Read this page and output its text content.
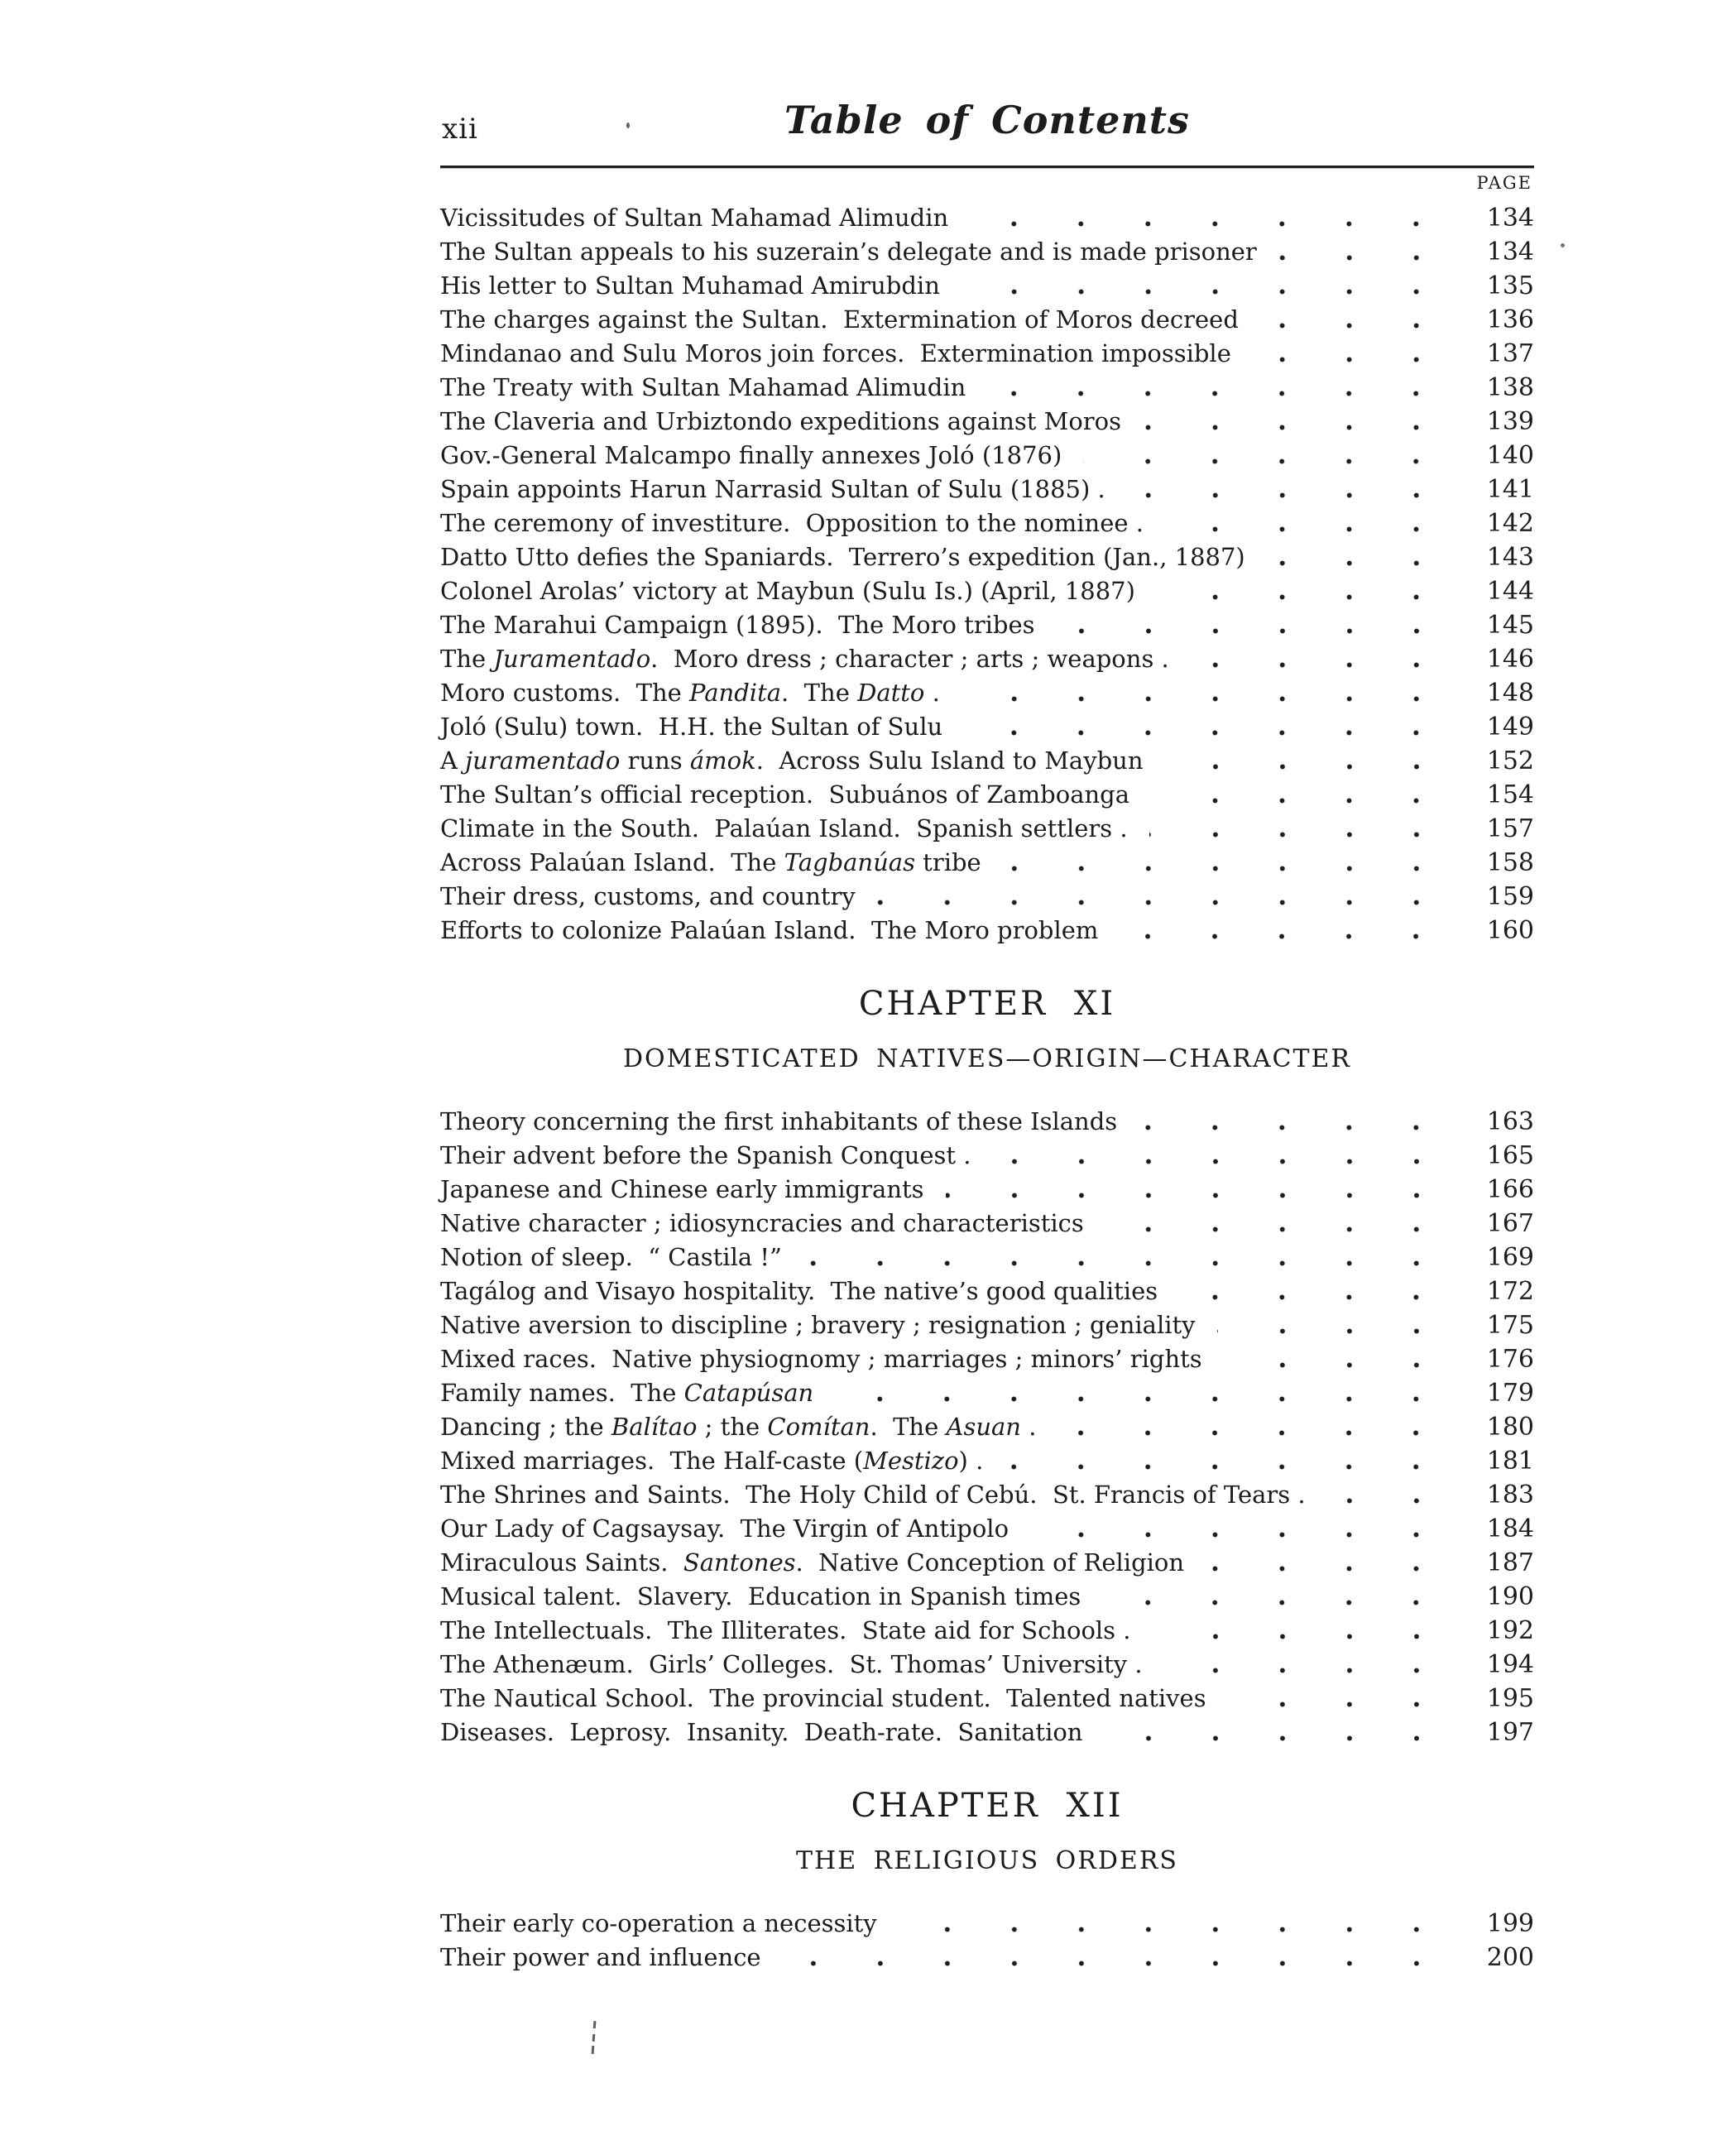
xii	Table of Contents
PAGE
Vicissitudes of Sultan Mahamad Alimudin	134
The Sultan appeals to his suzerain’s delegate and is made prisoner	134
His letter to Sultan Muhamad Amirubdin	135
The charges against the Sultan.  Extermination of Moros decreed	136
Mindanao and Sulu Moros join forces.  Extermination impossible	137
The Treaty with Sultan Mahamad Alimudin	138
The Claveria and Urbiztondo expeditions against Moros	139
Gov.-General Malcampo finally annexes Joló (1876)	140
Spain appoints Harun Narrasid Sultan of Sulu (1885) .	141
The ceremony of investiture.  Opposition to the nominee .	142
Datto Utto defies the Spaniards.  Terrero’s expedition (Jan., 1887)	143
Colonel Arolas’ victory at Maybun (Sulu Is.) (April, 1887)	144
The Marahui Campaign (1895).  The Moro tribes	145
The Juramentado.  Moro dress ; character ; arts ; weapons .	146
Moro customs.  The Pandita.  The Datto .	148
Joló (Sulu) town.  H.H. the Sultan of Sulu	149
A juramentado runs ámok.  Across Sulu Island to Maybun	152
The Sultan’s official reception.  Subuános of Zamboanga	154
Climate in the South.  Palaúan Island.  Spanish settlers .	157
Across Palaúan Island.  The Tagbanúas tribe	158
Their dress, customs, and country	159
Efforts to colonize Palaúan Island.  The Moro problem	160
CHAPTER XI
DOMESTICATED NATIVES—ORIGIN—CHARACTER
Theory concerning the first inhabitants of these Islands	163
Their advent before the Spanish Conquest .	165
Japanese and Chinese early immigrants	166
Native character ; idiosyncracies and characteristics	167
Notion of sleep.  “ Castila !”	169
Tagálog and Visayo hospitality.  The native’s good qualities	172
Native aversion to discipline ; bravery ; resignation ; geniality	175
Mixed races.  Native physiognomy ; marriages ; minors’ rights	176
Family names.  The Catapúsan	179
Dancing ; the Balítao ; the Comítan.  The Asuan .	180
Mixed marriages.  The Half-caste (Mestizo) .	181
The Shrines and Saints.  The Holy Child of Cebú.  St. Francis of Tears .	183
Our Lady of Cagsaysay.  The Virgin of Antipolo	184
Miraculous Saints.  Santones.  Native Conception of Religion	187
Musical talent.  Slavery.  Education in Spanish times	190
The Intellectuals.  The Illiterates.  State aid for Schools .	192
The Athenæum.  Girls’ Colleges.  St. Thomas’ University .	194
The Nautical School.  The provincial student.  Talented natives	195
Diseases.  Leprosy.  Insanity.  Death-rate.  Sanitation	197
CHAPTER XII
THE RELIGIOUS ORDERS
Their early co-operation a necessity	199
Their power and influence	200
